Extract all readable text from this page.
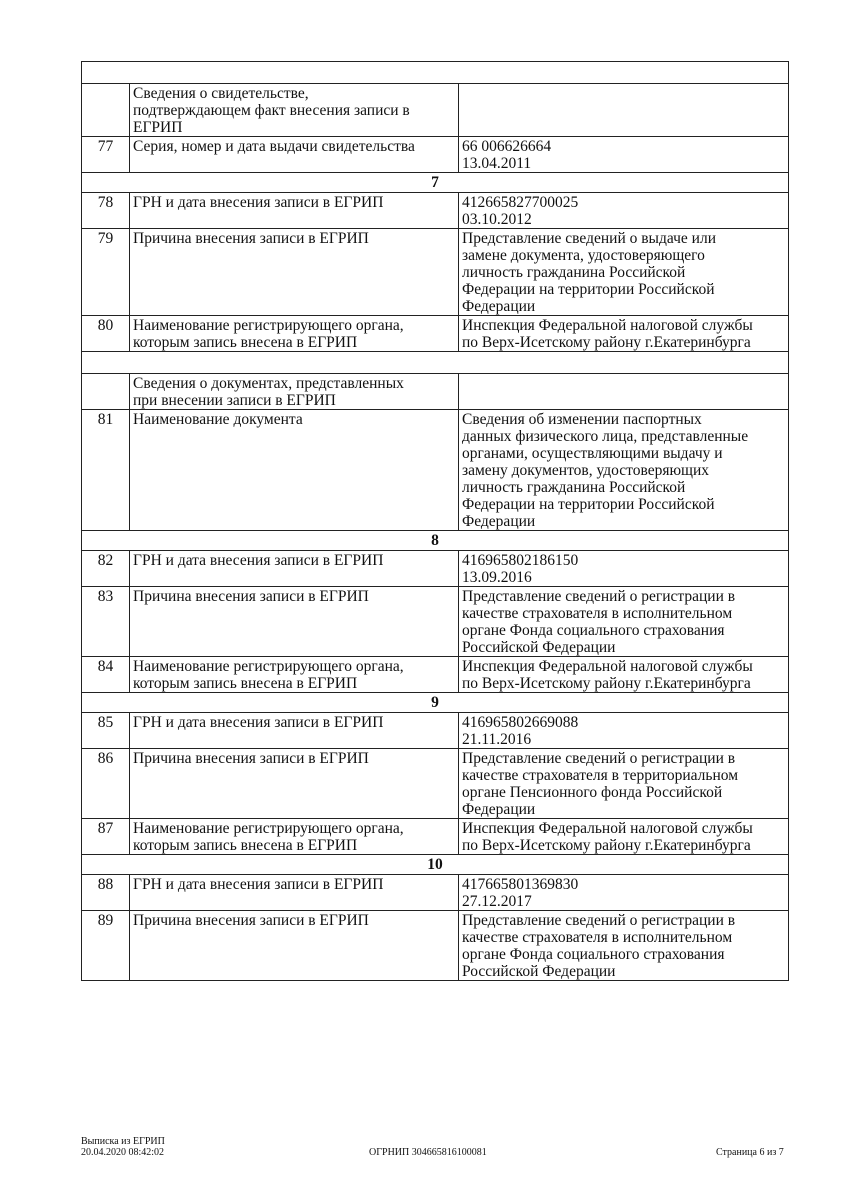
	Сведения о свидетельстве,
подтверждающем факт внесения записи в
ЕГРИП	

77	Серия, номер и дата выдачи свидетельства	66 006626664
13.04.2011

7		
78	ГРН и дата внесения записи в ЕГРИП	412665827700025
03.10.2012

79	Причина внесения записи в ЕГРИП	Представление сведений о выдаче или
замене документа, удостоверяющего
личность гражданина Российской
Федерации на территории Российской
Федерации

80	Наименование регистрирующего органа,
которым запись внесена в ЕГРИП	Инспекция Федеральной налоговой службы
по Верх-Исетскому району г.Екатеринбурга

	Сведения о документах, представленных
при внесении записи в ЕГРИП	

81	Наименование документа	Сведения об изменении паспортных
данных физического лица, представленные
органами, осуществляющими выдачу и
замену документов, удостоверяющих
личность гражданина Российской
Федерации на территории Российской
Федерации

8		
82	ГРН и дата внесения записи в ЕГРИП	416965802186150
13.09.2016

83	Причина внесения записи в ЕГРИП	Представление сведений о регистрации в
качестве страхователя в исполнительном
органе Фонда социального страхования
Российской Федерации

84	Наименование регистрирующего органа,
которым запись внесена в ЕГРИП	Инспекция Федеральной налоговой службы
по Верх-Исетскому району г.Екатеринбурга

9		
85	ГРН и дата внесения записи в ЕГРИП	416965802669088
21.11.2016

86	Причина внесения записи в ЕГРИП	Представление сведений о регистрации в
качестве страхователя в территориальном
органе Пенсионного фонда Российской
Федерации

87	Наименование регистрирующего органа,
которым запись внесена в ЕГРИП	Инспекция Федеральной налоговой службы
по Верх-Исетскому району г.Екатеринбурга

10		
88	ГРН и дата внесения записи в ЕГРИП	417665801369830
27.12.2017

89	Причина внесения записи в ЕГРИП	Представление сведений о регистрации в
качестве страхователя в исполнительном
органе Фонда социального страхования
Российской Федерации
Выписка из ЕГРИП
20.04.2020 08:42:02	ОГРНИП 304665816100081	Страница 6 из 7
